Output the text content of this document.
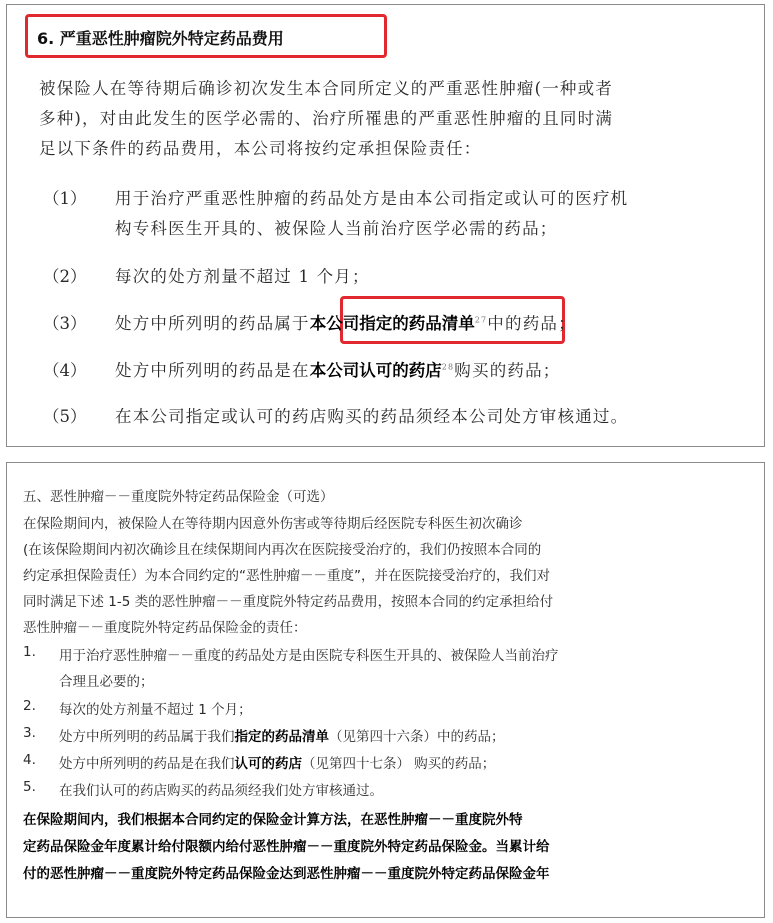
6. 严重恶性肿瘤院外特定药品费用
被保险人在等待期后确诊初次发生本合同所定义的严重恶性肿瘤(一种或者
多种)，对由此发生的医学必需的、治疗所罹患的严重恶性肿瘤的且同时满
足以下条件的药品费用，本公司将按约定承担保险责任：
（1） 用于治疗严重恶性肿瘤的药品处方是由本公司指定或认可的医疗机
构专科医生开具的、被保险人当前治疗医学必需的药品；
（2） 每次的处方剂量不超过 1 个月；
（3） 处方中所列明的药品属于本公司指定的药品清单$^{27}$中的药品；
（4） 处方中所列明的药品是在本公司认可的药店$^{28}$购买的药品；
（5） 在本公司指定或认可的药店购买的药品须经本公司处方审核通过。
五、恶性肿瘤－－重度院外特定药品保险金（可选）
在保险期间内，被保险人在等待期内因意外伤害或等待期后经医院专科医生初次确诊
(在该保险期间内初次确诊且在续保期间内再次在医院接受治疗的，我们仍按照本合同的
约定承担保险责任）为本合同约定的“恶性肿瘤－－重度”，并在医院接受治疗的，我们对
同时满足下述 1-5 类的恶性肿瘤－－重度院外特定药品费用，按照本合同的约定承担给付
恶性肿瘤－－重度院外特定药品保险金的责任：
1. 用于治疗恶性肿瘤－－重度的药品处方是由医院专科医生开具的、被保险人当前治疗
合理且必要的；
2. 每次的处方剂量不超过 1 个月；
3. 处方中所列明的药品属于我们指定的药品清单（见第四十六条）中的药品；
4. 处方中所列明的药品是在我们认可的药店（见第四十七条） 购买的药品；
5. 在我们认可的药店购买的药品须经我们处方审核通过。
在保险期间内，我们根据本合同约定的保险金计算方法，在恶性肿瘤－－重度院外特
定药品保险金年度累计给付限额内给付恶性肿瘤－－重度院外特定药品保险金。当累计给
付的恶性肿瘤－－重度院外特定药品保险金达到恶性肿瘤－－重度院外特定药品保险金年
